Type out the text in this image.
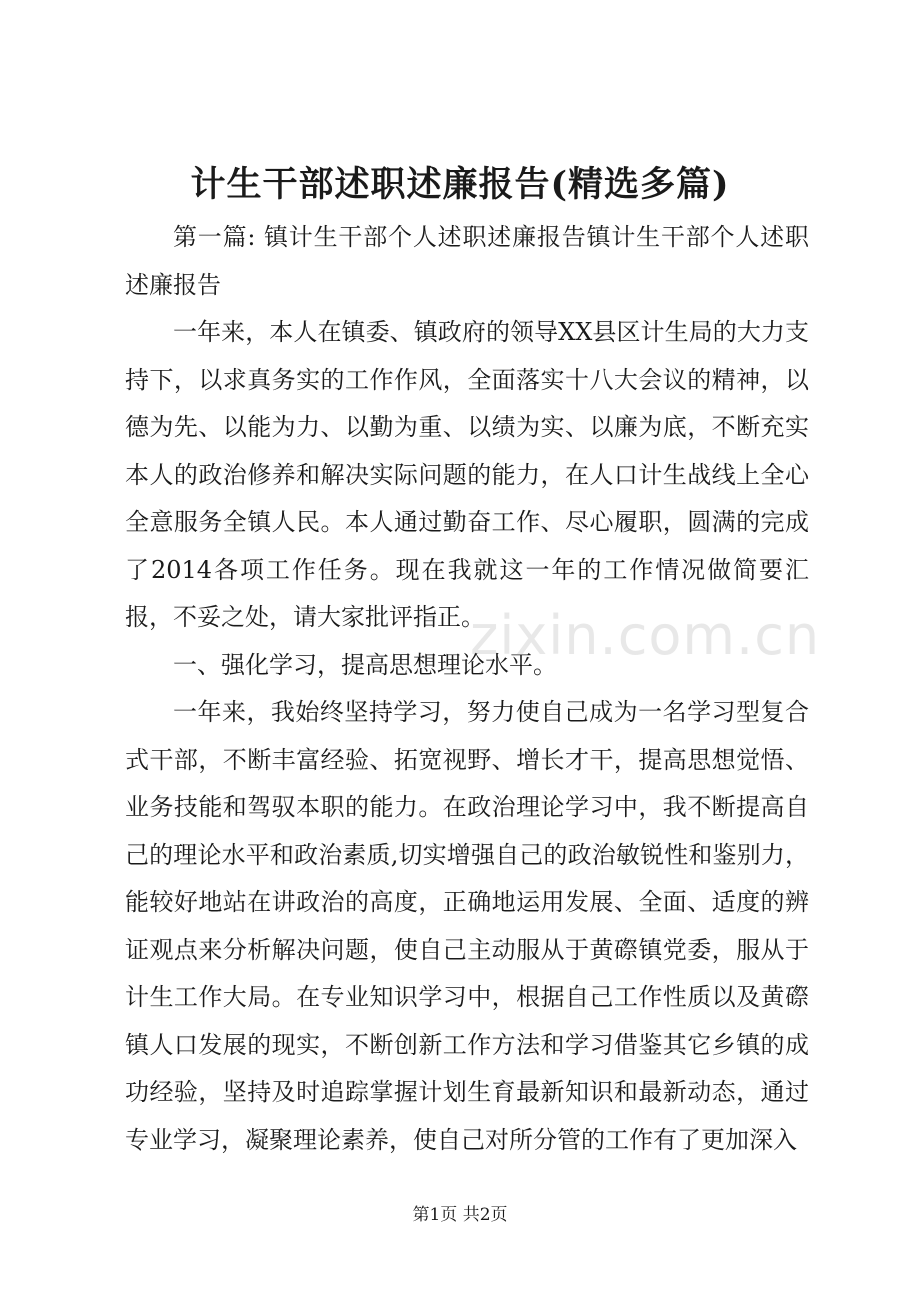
计生干部述职述廉报告(精选多篇)

第一篇: 镇计生干部个人述职述廉报告镇计生干部个人述职述廉报告

一年来，本人在镇委、镇政府的领导XX县区计生局的大力支持下，以求真务实的工作作风，全面落实十八大会议的精神，以德为先、以能为力、以勤为重、以绩为实、以廉为底，不断充实本人的政治修养和解决实际问题的能力，在人口计生战线上全心全意服务全镇人民。本人通过勤奋工作、尽心履职，圆满的完成了2014各项工作任务。现在我就这一年的工作情况做简要汇报，不妥之处，请大家批评指正。

一、强化学习，提高思想理论水平。

一年来，我始终坚持学习，努力使自己成为一名学习型复合式干部，不断丰富经验、拓宽视野、增长才干，提高思想觉悟、业务技能和驾驭本职的能力。在政治理论学习中，我不断提高自己的理论水平和政治素质,切实增强自己的政治敏锐性和鉴别力，能较好地站在讲政治的高度，正确地运用发展、全面、适度的辨证观点来分析解决问题，使自己主动服从于黄磜镇党委，服从于计生工作大局。在专业知识学习中，根据自己工作性质以及黄磜镇人口发展的现实，不断创新工作方法和学习借鉴其它乡镇的成功经验，坚持及时追踪掌握计划生育最新知识和最新动态，通过专业学习，凝聚理论素养，使自己对所分管的工作有了更加深入

zixin.com.cn
第1页 共2页
